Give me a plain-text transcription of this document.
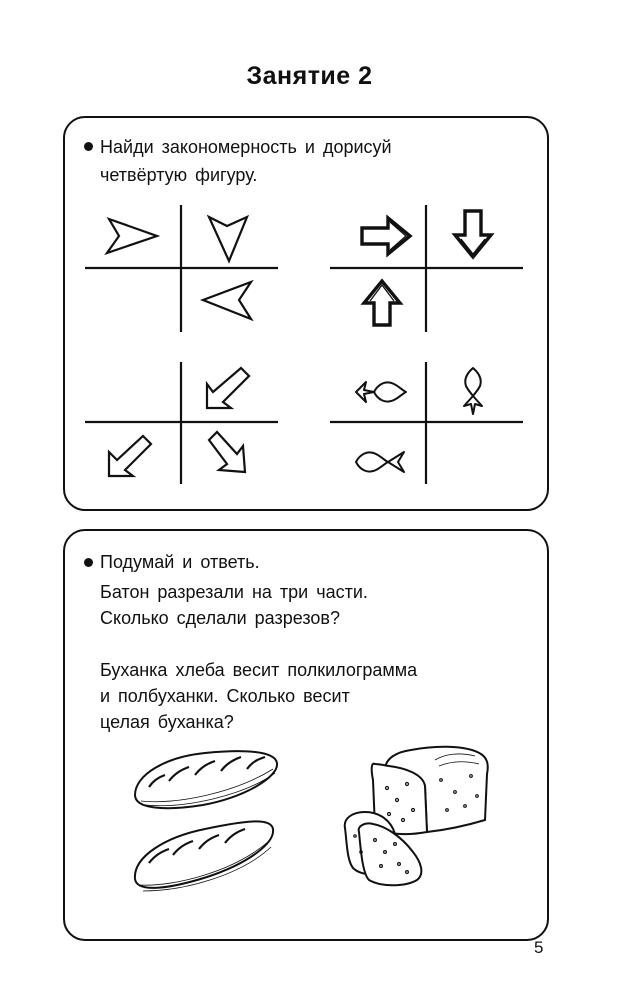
Занятие 2
Найди закономерность и дорисуй
четвёртую фигуру.
Подумай и ответь.
Батон разрезали на три части.
Сколько сделали разрезов?
Буханка хлеба весит полкилограмма
и полбуханки. Сколько весит
целая буханка?
5
